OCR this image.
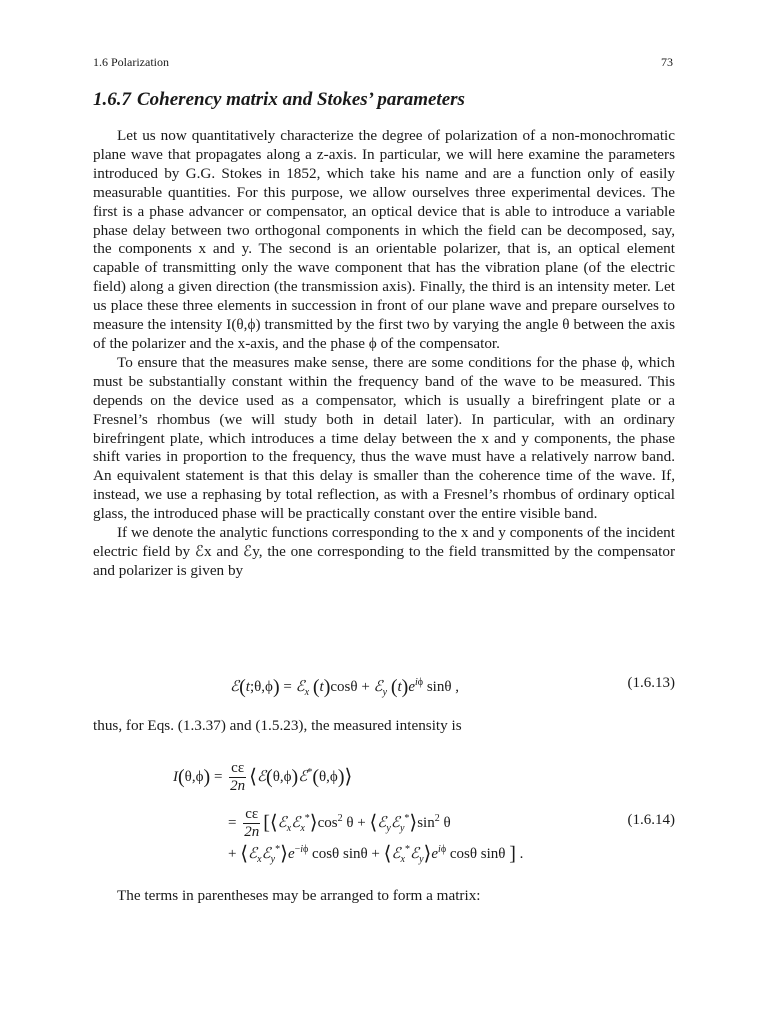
1.6 Polarization	73
1.6.7 Coherency matrix and Stokes’ parameters

Let us now quantitatively characterize the degree of polarization of a non-monochromatic plane wave that propagates along a z-axis. In particular, we will here examine the parameters introduced by G.G. Stokes in 1852, which take his name and are a function only of easily measurable quantities. For this purpose, we allow ourselves three experimental devices. The first is a phase advancer or compensator, an optical device that is able to introduce a variable phase delay between two orthogonal components in which the field can be decomposed, say, the components x and y. The second is an orientable polarizer, that is, an optical element capable of transmitting only the wave component that has the vibration plane (of the electric field) along a given direction (the transmission axis). Finally, the third is an intensity meter. Let us place these three elements in succession in front of our plane wave and prepare ourselves to measure the intensity I(θ,ϕ) transmitted by the first two by varying the angle θ between the axis of the polarizer and the x-axis, and the phase ϕ of the compensator.

To ensure that the measures make sense, there are some conditions for the phase ϕ, which must be substantially constant within the frequency band of the wave to be measured. This depends on the device used as a compensator, which is usually a birefringent plate or a Fresnel’s rhombus (we will study both in detail later). In particular, with an ordinary birefringent plate, which introduces a time delay between the x and y components, the phase shift varies in proportion to the frequency, thus the wave must have a relatively narrow band. An equivalent statement is that this delay is smaller than the coherence time of the wave. If, instead, we use a rephasing by total reflection, as with a Fresnel’s rhombus of ordinary optical glass, the introduced phase will be practically constant over the entire visible band.

If we denote the analytic functions corresponding to the x and y components of the incident electric field by ℰx and ℰy, the one corresponding to the field transmitted by the compensator and polarizer is given by

ℰ(t;θ,ϕ) = ℰ$_x$ (t)cosθ + ℰ$_y$ $(t)e^{i\phi}$ sinθ ,	(1.6.13)
thus, for Eqs. (1.3.37) and (1.5.23), the measured intensity is
$I(\theta,\phi) = \frac{c\varepsilon}{2n}$ ⟨ℰ(θ,ϕ)ℰ*(θ,ϕ)⟩
= $\frac{c\varepsilon}{2n}$ [$⟨ℰ_xℰ_x^*⟩\cos^2$ $\theta + ⟨ℰ_yℰ_y^*⟩\sin^2$ θ	(1.6.14)
+ $⟨ℰ_xℰ_y^*⟩e^{-i\phi}$ cosθ $\sin\theta + ⟨ℰ_x^*ℰ_y⟩e^{i\phi}$ cosθ sinθ ] .
The terms in parentheses may be arranged to form a matrix:
